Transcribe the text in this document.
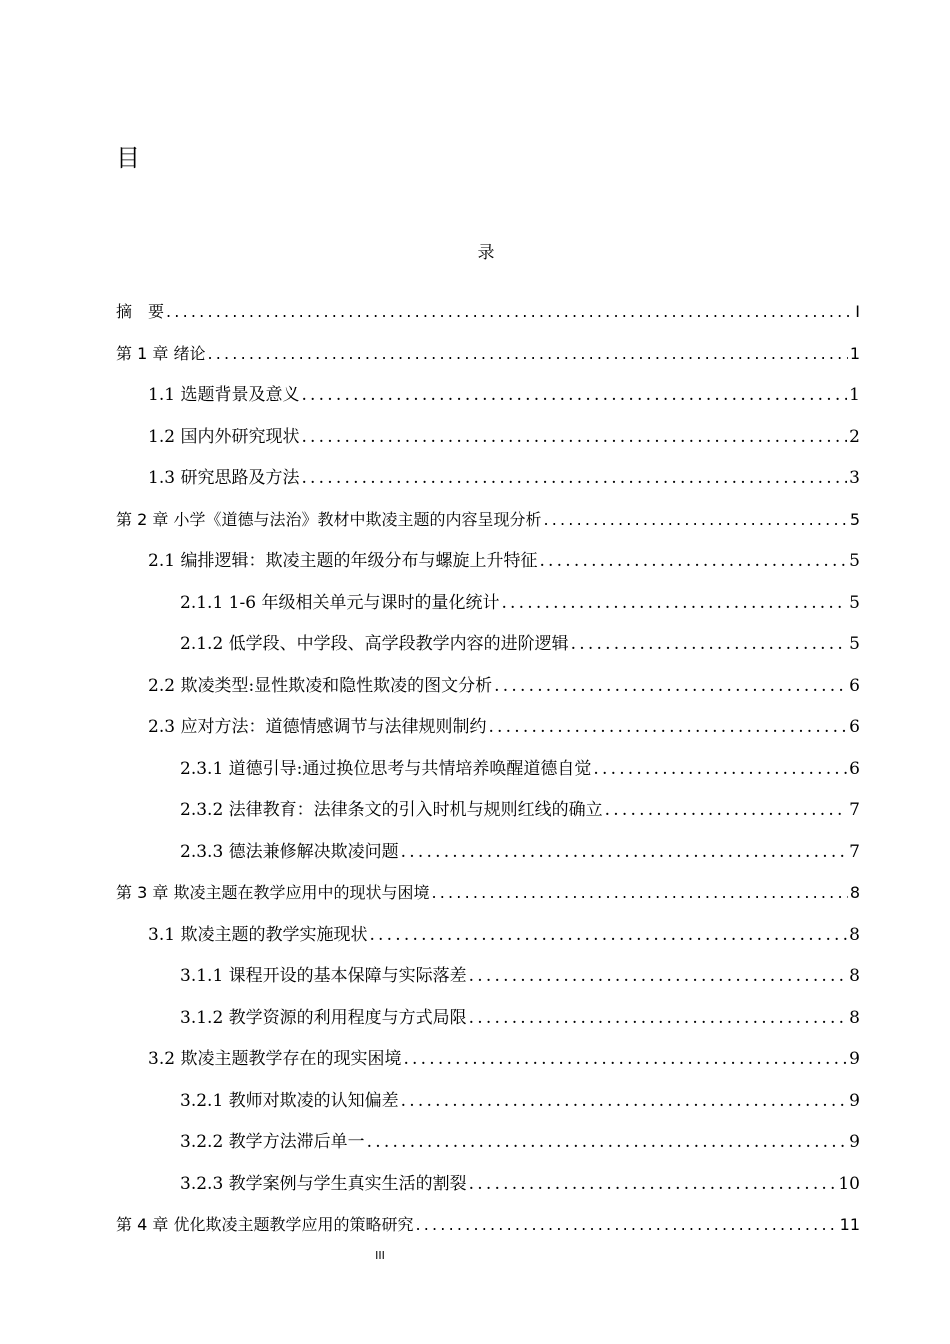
目
录
摘　要 .....	I
第 1 章 绪论 .....	1
1.1 选题背景及意义 .....	1
1.2 国内外研究现状 .....	2
1.3 研究思路及方法 .....	3
第 2 章 小学《道德与法治》教材中欺凌主题的内容呈现分析 .....	5
2.1 编排逻辑：欺凌主题的年级分布与螺旋上升特征 .....	5
2.1.1 1-6 年级相关单元与课时的量化统计 .....	5
2.1.2 低学段、中学段、高学段教学内容的进阶逻辑 .....	5
2.2 欺凌类型:显性欺凌和隐性欺凌的图文分析 .....	6
2.3 应对方法：道德情感调节与法律规则制约 .....	6
2.3.1 道德引导:通过换位思考与共情培养唤醒道德自觉 .....	6
2.3.2 法律教育：法律条文的引入时机与规则红线的确立 .....	7
2.3.3 德法兼修解决欺凌问题 .....	7
第 3 章 欺凌主题在教学应用中的现状与困境 .....	8
3.1 欺凌主题的教学实施现状 .....	8
3.1.1 课程开设的基本保障与实际落差 .....	8
3.1.2 教学资源的利用程度与方式局限 .....	8
3.2 欺凌主题教学存在的现实困境 .....	9
3.2.1 教师对欺凌的认知偏差 .....	9
3.2.2 教学方法滞后单一 .....	9
3.2.3 教学案例与学生真实生活的割裂 .....	10
第 4 章 优化欺凌主题教学应用的策略研究 .....	11
III
